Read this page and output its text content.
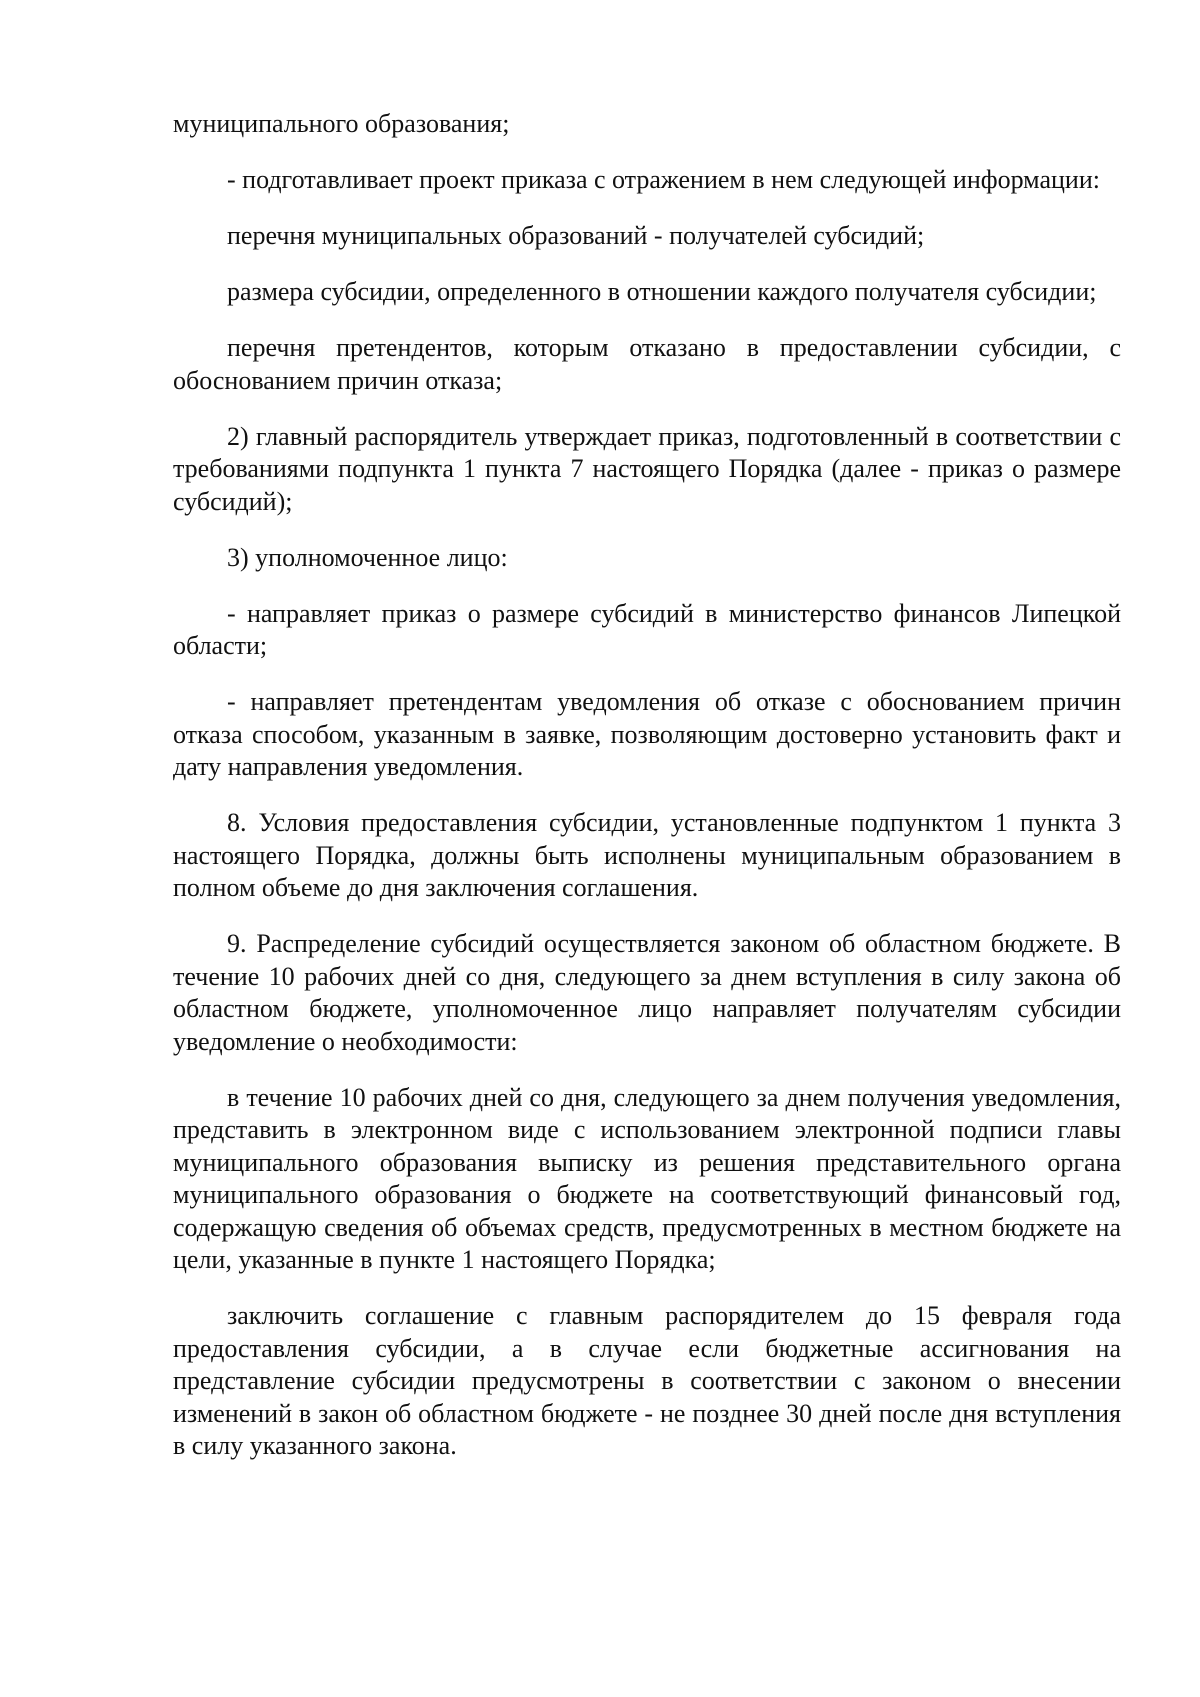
муниципального образования;

- подготавливает проект приказа с отражением в нем следующей информации:

перечня муниципальных образований - получателей субсидий;

размера субсидии, определенного в отношении каждого получателя субсидии;

перечня претендентов, которым отказано в предоставлении субсидии, с обоснованием причин отказа;

2) главный распорядитель утверждает приказ, подготовленный в соответствии с требованиями подпункта 1 пункта 7 настоящего Порядка (далее - приказ о размере субсидий);

3) уполномоченное лицо:

- направляет приказ о размере субсидий в министерство финансов Липецкой области;

- направляет претендентам уведомления об отказе с обоснованием причин отказа способом, указанным в заявке, позволяющим достоверно установить факт и дату направления уведомления.

8. Условия предоставления субсидии, установленные подпунктом 1 пункта 3 настоящего Порядка, должны быть исполнены муниципальным образованием в полном объеме до дня заключения соглашения.

9. Распределение субсидий осуществляется законом об областном бюджете. В течение 10 рабочих дней со дня, следующего за днем вступления в силу закона об областном бюджете, уполномоченное лицо направляет получателям субсидии уведомление о необходимости:

в течение 10 рабочих дней со дня, следующего за днем получения уведомления, представить в электронном виде с использованием электронной подписи главы муниципального образования выписку из решения представительного органа муниципального образования о бюджете на соответствующий финансовый год, содержащую сведения об объемах средств, предусмотренных в местном бюджете на цели, указанные в пункте 1 настоящего Порядка;

заключить соглашение с главным распорядителем до 15 февраля года предоставления субсидии, а в случае если бюджетные ассигнования на представление субсидии предусмотрены в соответствии с законом о внесении изменений в закон об областном бюджете - не позднее 30 дней после дня вступления в силу указанного закона.
